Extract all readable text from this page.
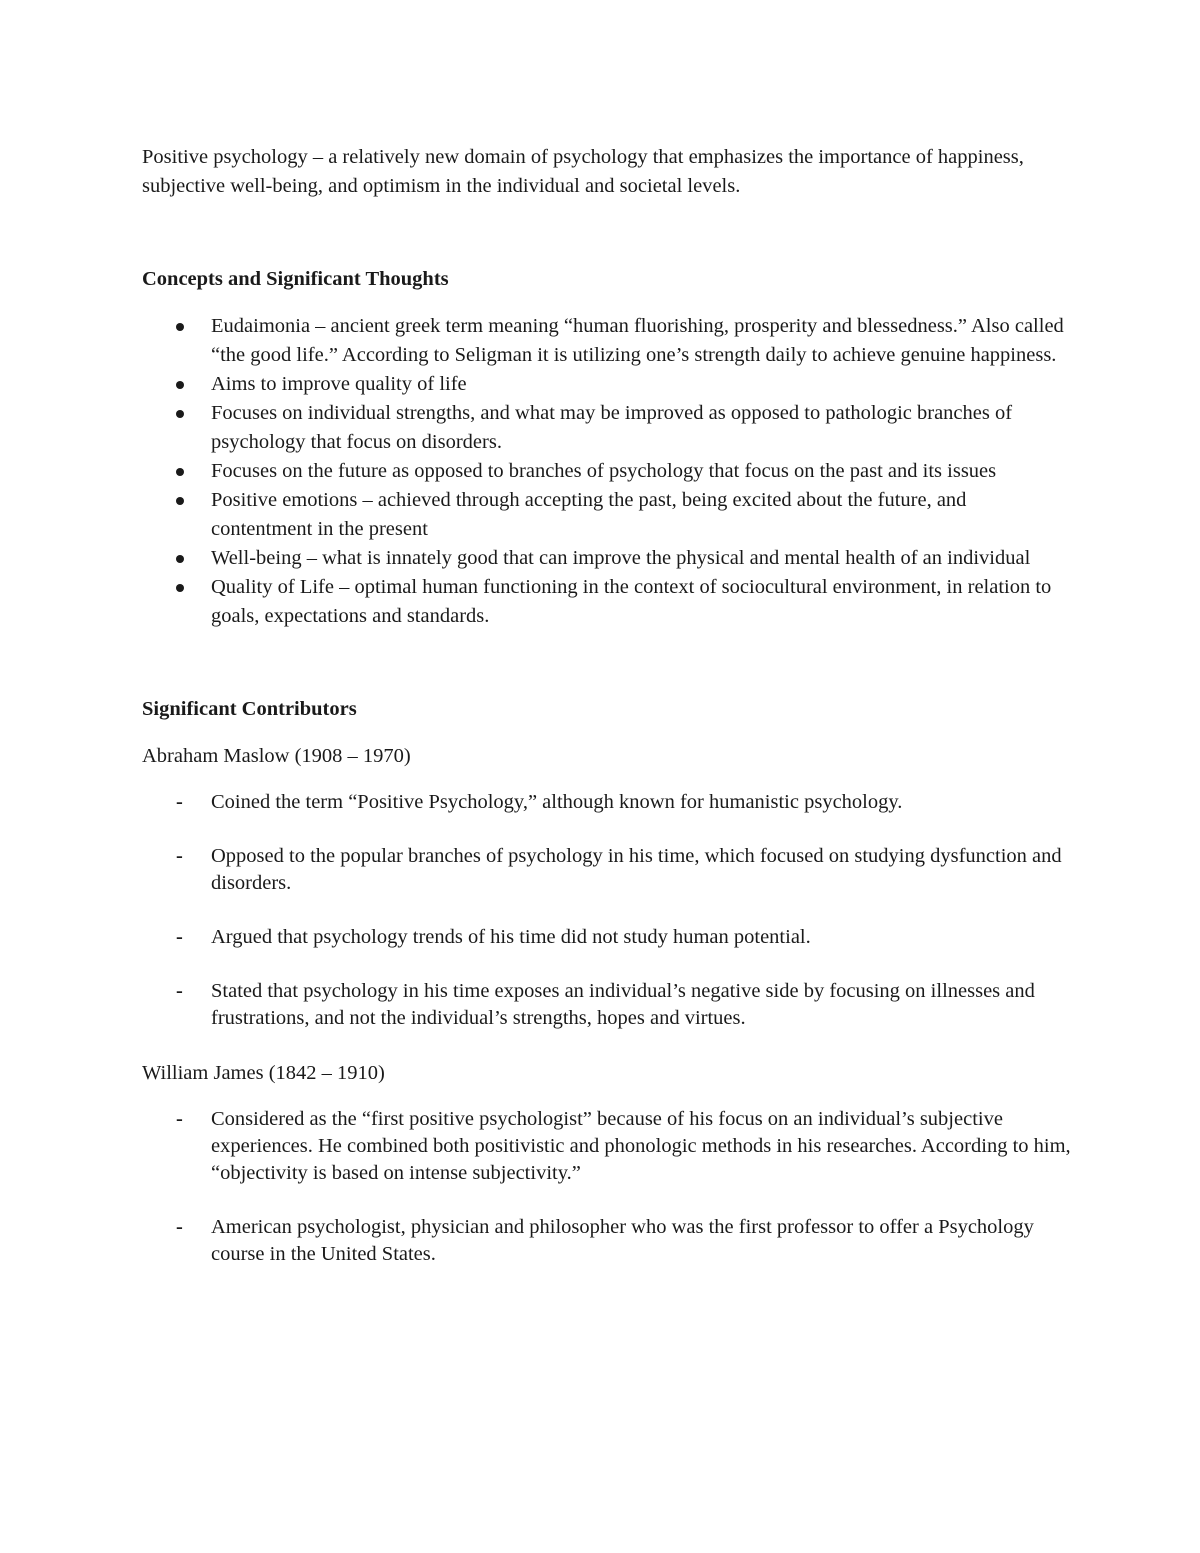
Positive psychology – a relatively new domain of psychology that emphasizes the importance of happiness, subjective well-being, and optimism in the individual and societal levels.

Concepts and Significant Thoughts

Eudaimonia – ancient greek term meaning “human fluorishing, prosperity and blessedness.” Also called “the good life.” According to Seligman it is utilizing one’s strength daily to achieve genuine happiness.
Aims to improve quality of life
Focuses on individual strengths, and what may be improved as opposed to pathologic branches of psychology that focus on disorders.
Focuses on the future as opposed to branches of psychology that focus on the past and its issues
Positive emotions – achieved through accepting the past, being excited about the future, and contentment in the present
Well-being – what is innately good that can improve the physical and mental health of an individual
Quality of Life – optimal human functioning in the context of sociocultural environment, in relation to goals, expectations and standards.

Significant Contributors

Abraham Maslow (1908 – 1970)

- Coined the term “Positive Psychology,” although known for humanistic psychology.
- Opposed to the popular branches of psychology in his time, which focused on studying dysfunction and disorders.
- Argued that psychology trends of his time did not study human potential.
- Stated that psychology in his time exposes an individual’s negative side by focusing on illnesses and frustrations, and not the individual’s strengths, hopes and virtues.

William James (1842 – 1910)

- Considered as the “first positive psychologist” because of his focus on an individual’s subjective experiences. He combined both positivistic and phonologic methods in his researches. According to him, “objectivity is based on intense subjectivity.”
- American psychologist, physician and philosopher who was the first professor to offer a Psychology course in the United States.
